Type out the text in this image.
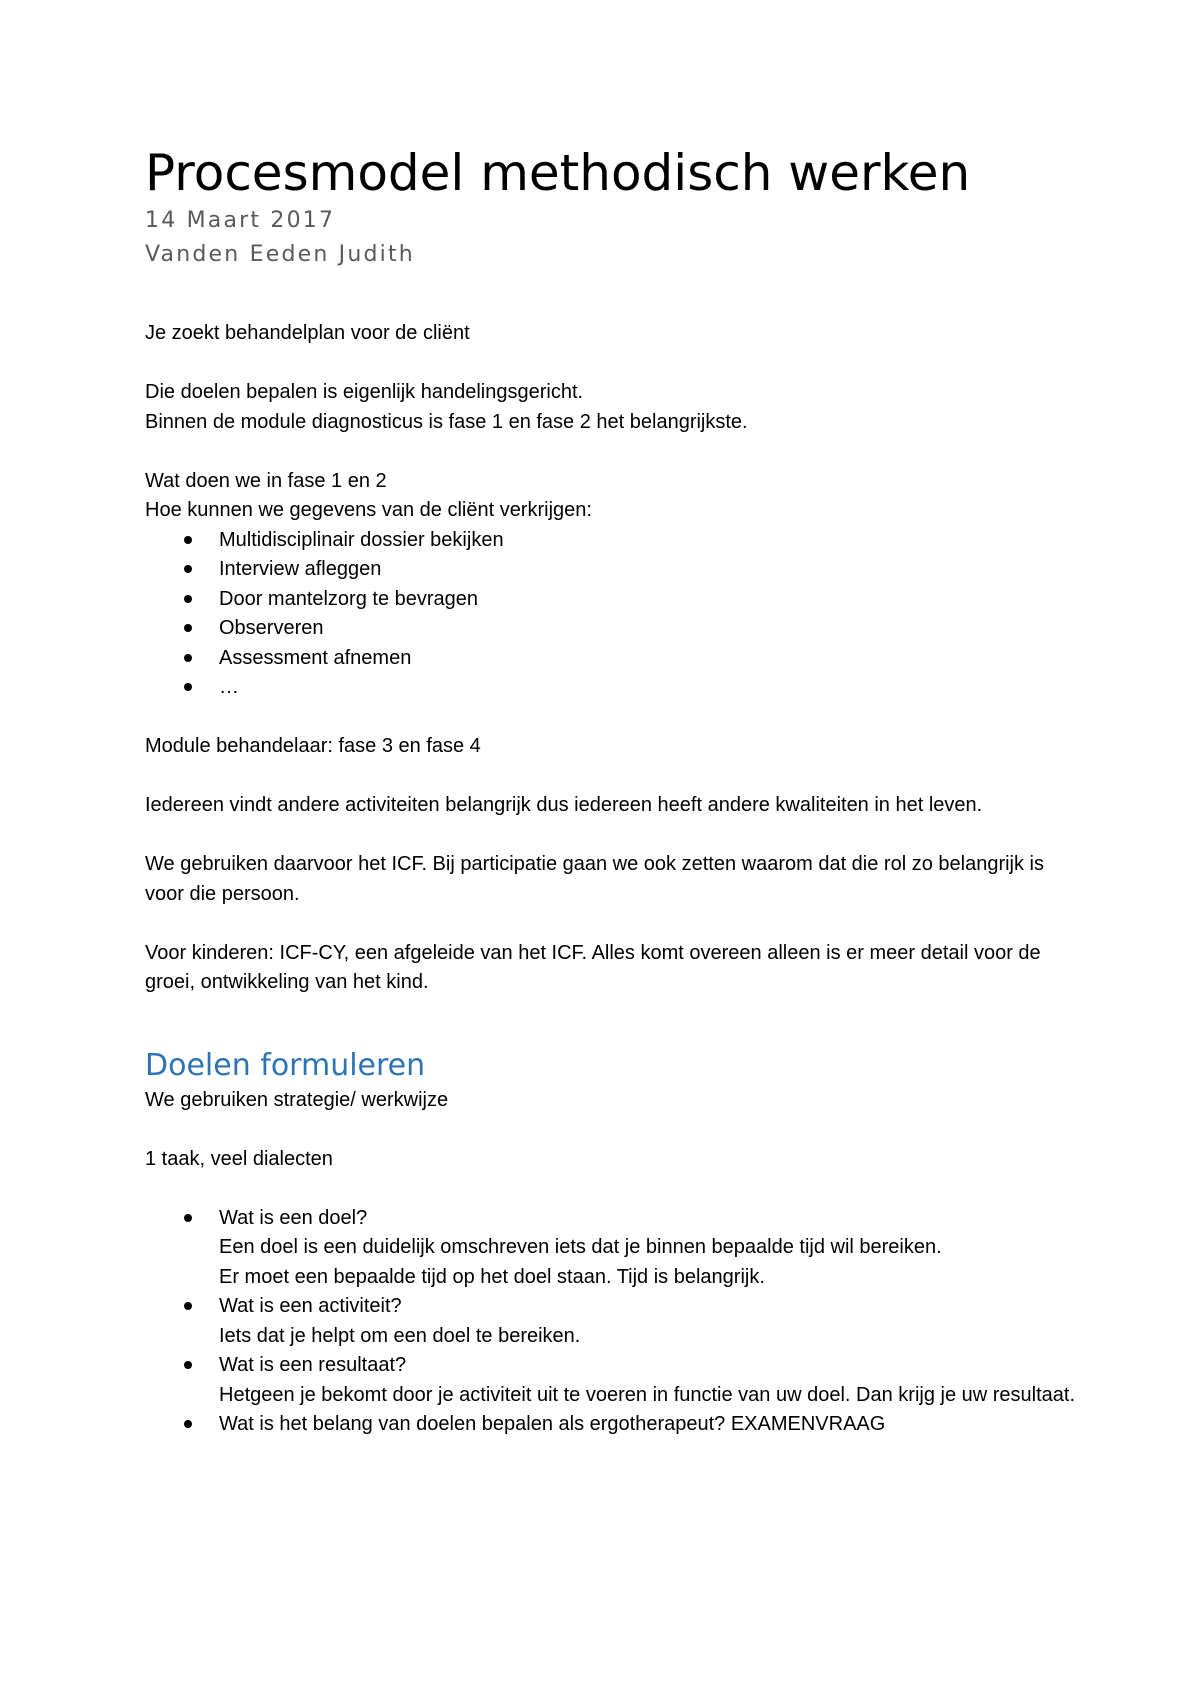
Procesmodel methodisch werken

14 Maart 2017

Vanden Eeden Judith

Je zoekt behandelplan voor de cliënt

Die doelen bepalen is eigenlijk handelingsgericht.

Binnen de module diagnosticus is fase 1 en fase 2 het belangrijkste.

Wat doen we in fase 1 en 2

Hoe kunnen we gegevens van de cliënt verkrijgen:

Multidisciplinair dossier bekijken
Interview afleggen
Door mantelzorg te bevragen
Observeren
Assessment afnemen
…

Module behandelaar: fase 3 en fase 4

Iedereen vindt andere activiteiten belangrijk dus iedereen heeft andere kwaliteiten in het leven.

We gebruiken daarvoor het ICF. Bij participatie gaan we ook zetten waarom dat die rol zo belangrijk is voor die persoon.

Voor kinderen: ICF-CY, een afgeleide van het ICF. Alles komt overeen alleen is er meer detail voor de groei, ontwikkeling van het kind.

Doelen formuleren

We gebruiken strategie/ werkwijze

1 taak, veel dialecten

Wat is een doel?
Een doel is een duidelijk omschreven iets dat je binnen bepaalde tijd wil bereiken.
Er moet een bepaalde tijd op het doel staan. Tijd is belangrijk.
Wat is een activiteit?
Iets dat je helpt om een doel te bereiken.
Wat is een resultaat?
Hetgeen je bekomt door je activiteit uit te voeren in functie van uw doel. Dan krijg je uw resultaat.
Wat is het belang van doelen bepalen als ergotherapeut? EXAMENVRAAG
